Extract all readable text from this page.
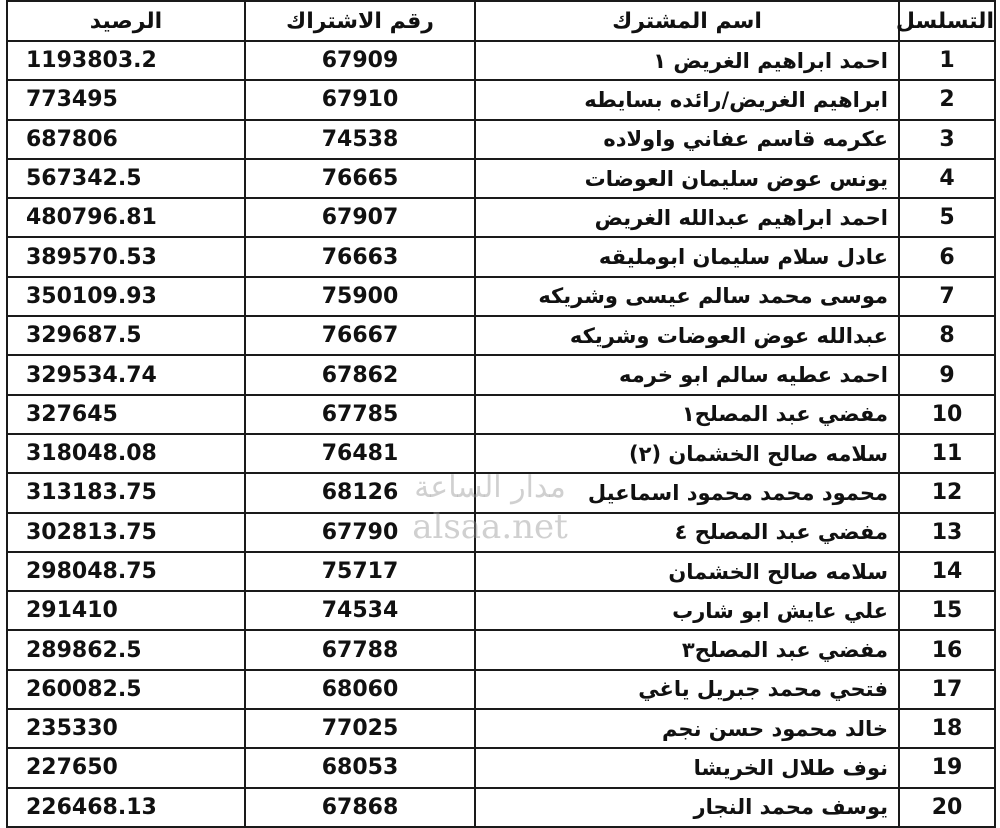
التسلسل	اسم المشترك	رقم الاشتراك	الرصيد
1	احمد ابراهيم الغريض ١	67909	1193803.2
2	ابراهيم الغريض/رائده بسايطه	67910	773495
3	عكرمه قاسم عفاني واولاده	74538	687806
4	يونس عوض سليمان العوضات	76665	567342.5
5	احمد ابراهيم عبدالله الغريض	67907	480796.81
6	عادل سلام سليمان ابومليقه	76663	389570.53
7	موسى محمد سالم عيسى وشريكه	75900	350109.93
8	عبدالله عوض العوضات وشريكه	76667	329687.5
9	احمد عطيه سالم ابو خرمه	67862	329534.74
10	مفضي عبد المصلح١	67785	327645
11	سلامه صالح الخشمان (٢)	76481	318048.08
12	محمود محمد محمود اسماعيل	68126	313183.75
13	مفضي عبد المصلح ٤	67790	302813.75
14	سلامه صالح الخشمان	75717	298048.75
15	علي عايش ابو شارب	74534	291410
16	مفضي عبد المصلح٣	67788	289862.5
17	فتحي محمد جبريل ياغي	68060	260082.5
18	خالد محمود حسن نجم	77025	235330
19	نوف طلال الخريشا	68053	227650
20	يوسف محمد النجار	67868	226468.13
مدار الساعة
alsaa.net
